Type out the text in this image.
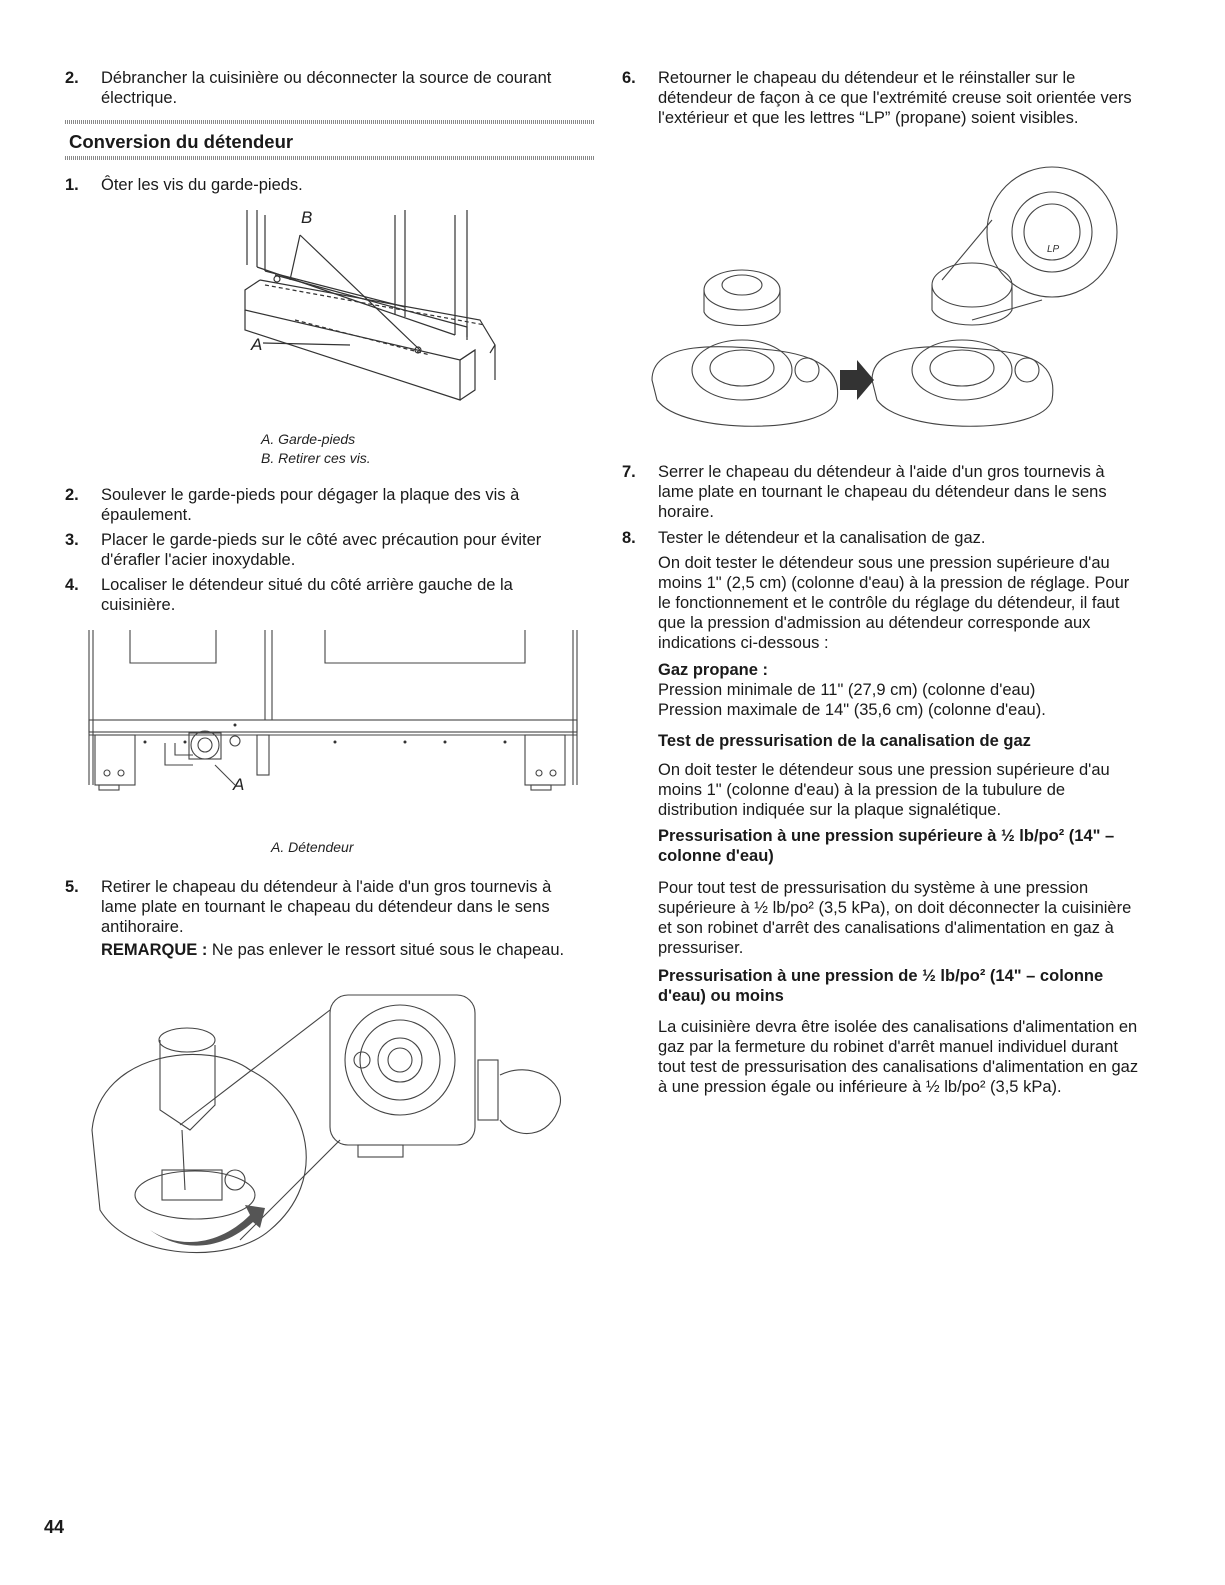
2. Débrancher la cuisinière ou déconnecter la source de courant électrique.
Conversion du détendeur
1. Ôter les vis du garde-pieds.
B
A
A. Garde-pieds
B. Retirer ces vis.
2. Soulever le garde-pieds pour dégager la plaque des vis à épaulement.
3. Placer le garde-pieds sur le côté avec précaution pour éviter d'érafler l'acier inoxydable.
4. Localiser le détendeur situé du côté arrière gauche de la cuisinière.
A
A. Détendeur
5. Retirer le chapeau du détendeur à l'aide d'un gros tournevis à lame plate en tournant le chapeau du détendeur dans le sens antihoraire.
REMARQUE : Ne pas enlever le ressort situé sous le chapeau.
6. Retourner le chapeau du détendeur et le réinstaller sur le détendeur de façon à ce que l'extrémité creuse soit orientée vers l'extérieur et que les lettres “LP” (propane) soient visibles.
LP
7. Serrer le chapeau du détendeur à l'aide d'un gros tournevis à lame plate en tournant le chapeau du détendeur dans le sens horaire.
8. Tester le détendeur et la canalisation de gaz.
On doit tester le détendeur sous une pression supérieure d'au moins 1" (2,5 cm) (colonne d'eau) à la pression de réglage. Pour le fonctionnement et le contrôle du réglage du détendeur, il faut que la pression d'admission au détendeur corresponde aux indications ci-dessous :
Gaz propane :
Pression minimale de 11" (27,9 cm) (colonne d'eau)
Pression maximale de 14" (35,6 cm) (colonne d'eau).
Test de pressurisation de la canalisation de gaz
On doit tester le détendeur sous une pression supérieure d'au moins 1" (colonne d'eau) à la pression de la tubulure de distribution indiquée sur la plaque signalétique.
Pressurisation à une pression supérieure à ½ lb/po² (14" – colonne d'eau)
Pour tout test de pressurisation du système à une pression supérieure à ½ lb/po² (3,5 kPa), on doit déconnecter la cuisinière et son robinet d'arrêt des canalisations d'alimentation en gaz à pressuriser.
Pressurisation à une pression de ½ lb/po² (14" – colonne d'eau) ou moins
La cuisinière devra être isolée des canalisations d'alimentation en gaz par la fermeture du robinet d'arrêt manuel individuel durant tout test de pressurisation des canalisations d'alimentation en gaz à une pression égale ou inférieure à ½ lb/po² (3,5 kPa).
44
